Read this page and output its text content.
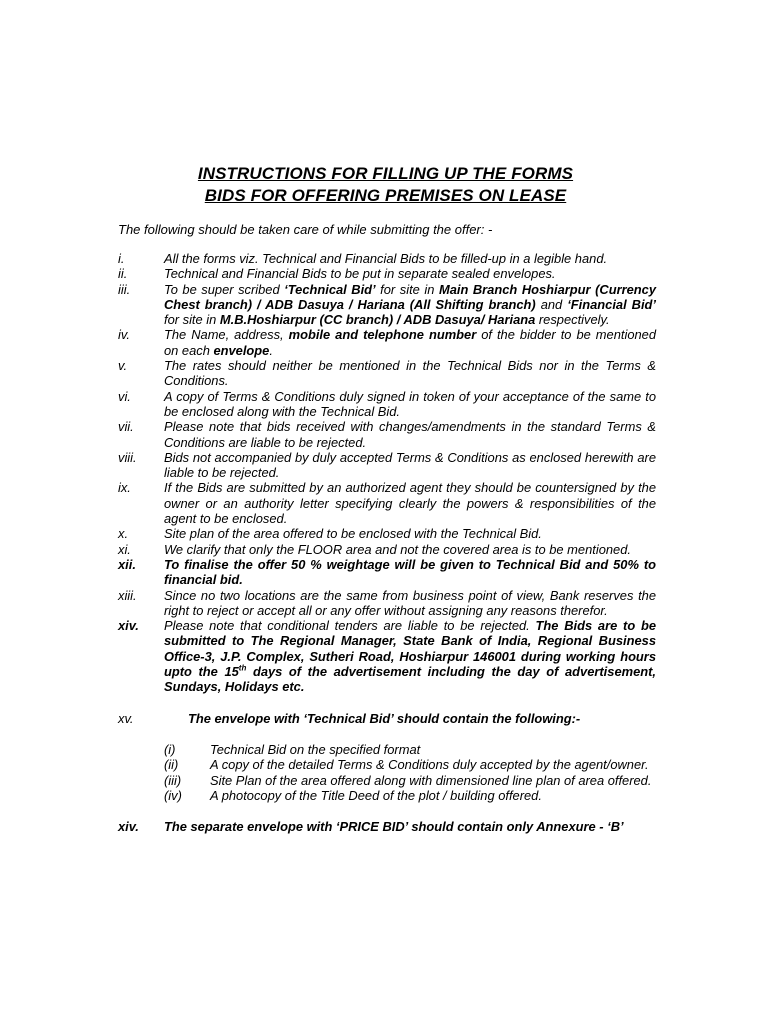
INSTRUCTIONS FOR FILLING UP THE FORMS
BIDS FOR OFFERING PREMISES ON LEASE
The following should be taken care of while submitting the offer: -
i.	All the forms viz. Technical and Financial Bids to be filled-up in a legible hand.
ii.	Technical and Financial Bids to be put in separate sealed envelopes.
iii.	To be super scribed ‘Technical Bid’ for site in Main Branch Hoshiarpur (Currency Chest branch) / ADB Dasuya / Hariana (All Shifting branch) and ‘Financial Bid’ for site in M.B.Hoshiarpur (CC branch) / ADB Dasuya/ Hariana respectively.
iv.	The Name, address, mobile and telephone number of the bidder to be mentioned on each envelope.
v.	The rates should neither be mentioned in the Technical Bids nor in the Terms & Conditions.
vi.	A copy of Terms & Conditions duly signed in token of your acceptance of the same to be enclosed along with the Technical Bid.
vii.	Please note that bids received with changes/amendments in the standard Terms & Conditions are liable to be rejected.
viii.	Bids not accompanied by duly accepted Terms & Conditions as enclosed herewith are liable to be rejected.
ix.	If the Bids are submitted by an authorized agent they should be countersigned by the owner or an authority letter specifying clearly the powers & responsibilities of the agent to be enclosed.
x.	Site plan of the area offered to be enclosed with the Technical Bid.
xi.	We clarify that only the FLOOR area and not the covered area is to be mentioned.
xii.	To finalise the offer 50 % weightage will be given to Technical Bid and 50% to financial bid.
xiii.	Since no two locations are the same from business point of view, Bank reserves the right to reject or accept all or any offer without assigning any reasons therefor.
xiv.	Please note that conditional tenders are liable to be rejected. The Bids are to be submitted to The Regional Manager, State Bank of India, Regional Business Office-3, J.P. Complex, Sutheri Road, Hoshiarpur 146001 during working hours upto the 15th days of the advertisement including the day of advertisement, Sundays, Holidays etc.
xv.	The envelope with ‘Technical Bid’ should contain the following:-
(i)	Technical Bid on the specified format
(ii)	A copy of the detailed Terms & Conditions duly accepted by the agent/owner.
(iii)	Site Plan of the area offered along with dimensioned line plan of area offered.
(iv)	A photocopy of the Title Deed of the plot / building offered.
xiv.	The separate envelope with ‘PRICE BID’ should contain only Annexure - ‘B’
